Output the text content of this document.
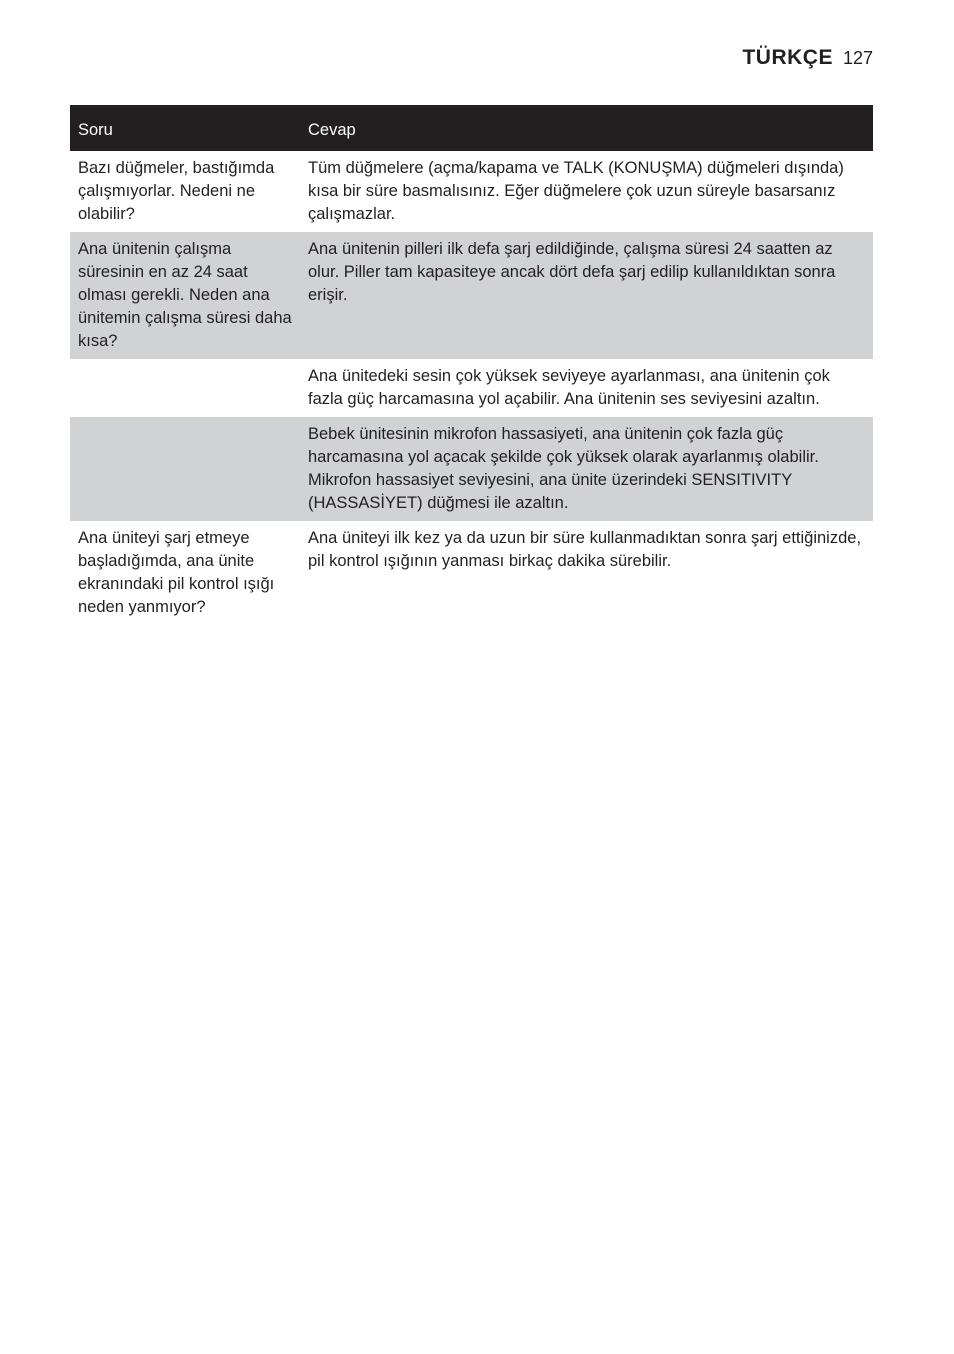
TÜRKÇE 127
Soru	Cevap
Bazı düğmeler, bastığımda çalışmıyorlar. Nedeni ne olabilir?	Tüm düğmelere (açma/kapama ve TALK (KONUŞMA) düğmeleri dışında) kısa bir süre basmalısınız. Eğer düğmelere çok uzun süreyle basarsanız çalışmazlar.
Ana ünitenin çalışma süresinin en az 24 saat olması gerekli. Neden ana ünitemin çalışma süresi daha kısa?	Ana ünitenin pilleri ilk defa şarj edildiğinde, çalışma süresi 24 saatten az olur. Piller tam kapasiteye ancak dört defa şarj edilip kullanıldıktan sonra erişir.
	Ana ünitedeki sesin çok yüksek seviyeye ayarlanması, ana ünitenin çok fazla güç harcamasına yol açabilir. Ana ünitenin ses seviyesini azaltın.
	Bebek ünitesinin mikrofon hassasiyeti, ana ünitenin çok fazla güç harcamasına yol açacak şekilde çok yüksek olarak ayarlanmış olabilir. Mikrofon hassasiyet seviyesini, ana ünite üzerindeki SENSITIVITY (HASSASİYET) düğmesi ile azaltın.
Ana üniteyi şarj etmeye başladığımda, ana ünite ekranındaki pil kontrol ışığı neden yanmıyor?	Ana üniteyi ilk kez ya da uzun bir süre kullanmadıktan sonra şarj ettiğinizde, pil kontrol ışığının yanması birkaç dakika sürebilir.
